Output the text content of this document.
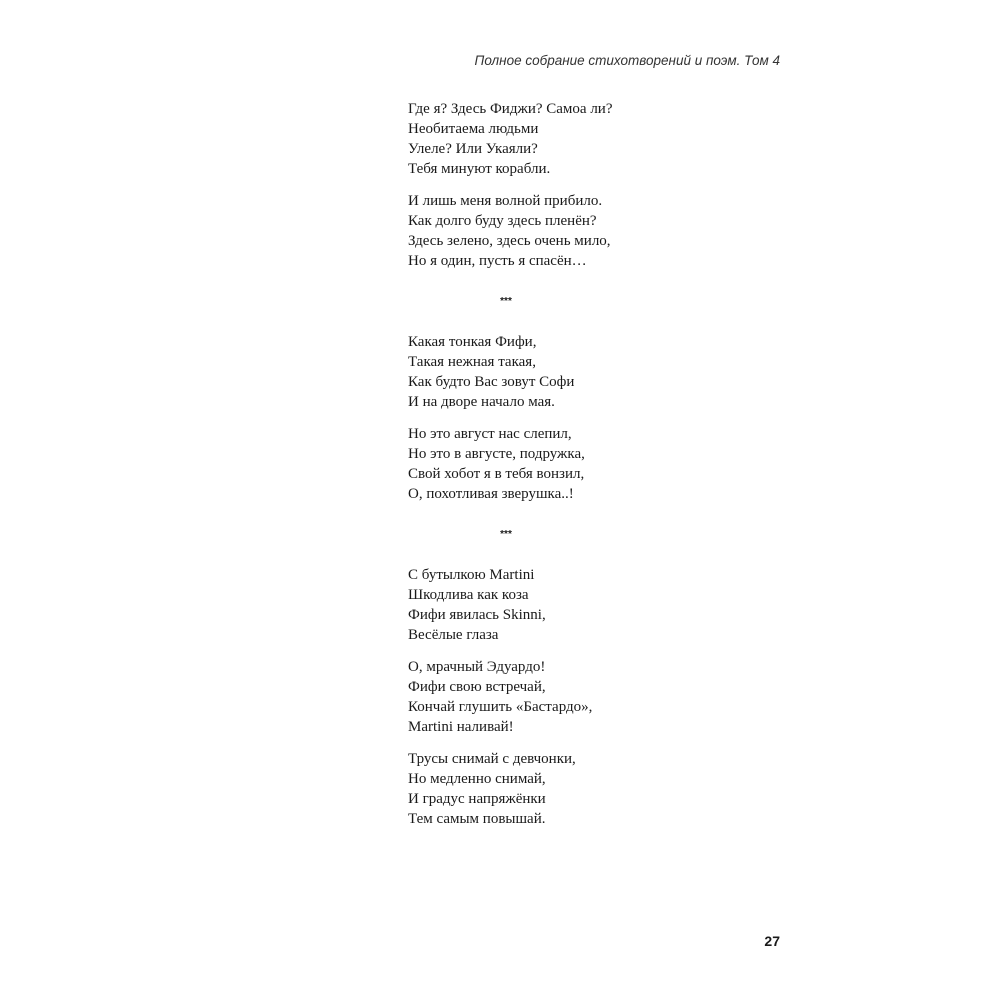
Полное собрание стихотворений и поэм. Том 4
Где я? Здесь Фиджи? Самоа ли?
Необитаема людьми
Улеле? Или Укаяли?
Тебя минуют корабли.
И лишь меня волной прибило.
Как долго буду здесь пленён?
Здесь зелено, здесь очень мило,
Но я один, пусть я спасён…
***
Какая тонкая Фифи,
Такая нежная такая,
Как будто Вас зовут Софи
И на дворе начало мая.
Но это август нас слепил,
Но это в августе, подружка,
Свой хобот я в тебя вонзил,
О, похотливая зверушка..!
***
С бутылкою Martini
Шкодлива как коза
Фифи явилась Skinni,
Весёлые глаза
О, мрачный Эдуардо!
Фифи свою встречай,
Кончай глушить «Бастардо»,
Martini наливай!
Трусы снимай с девчонки,
Но медленно снимай,
И градус напряжёнки
Тем самым повышай.
27
